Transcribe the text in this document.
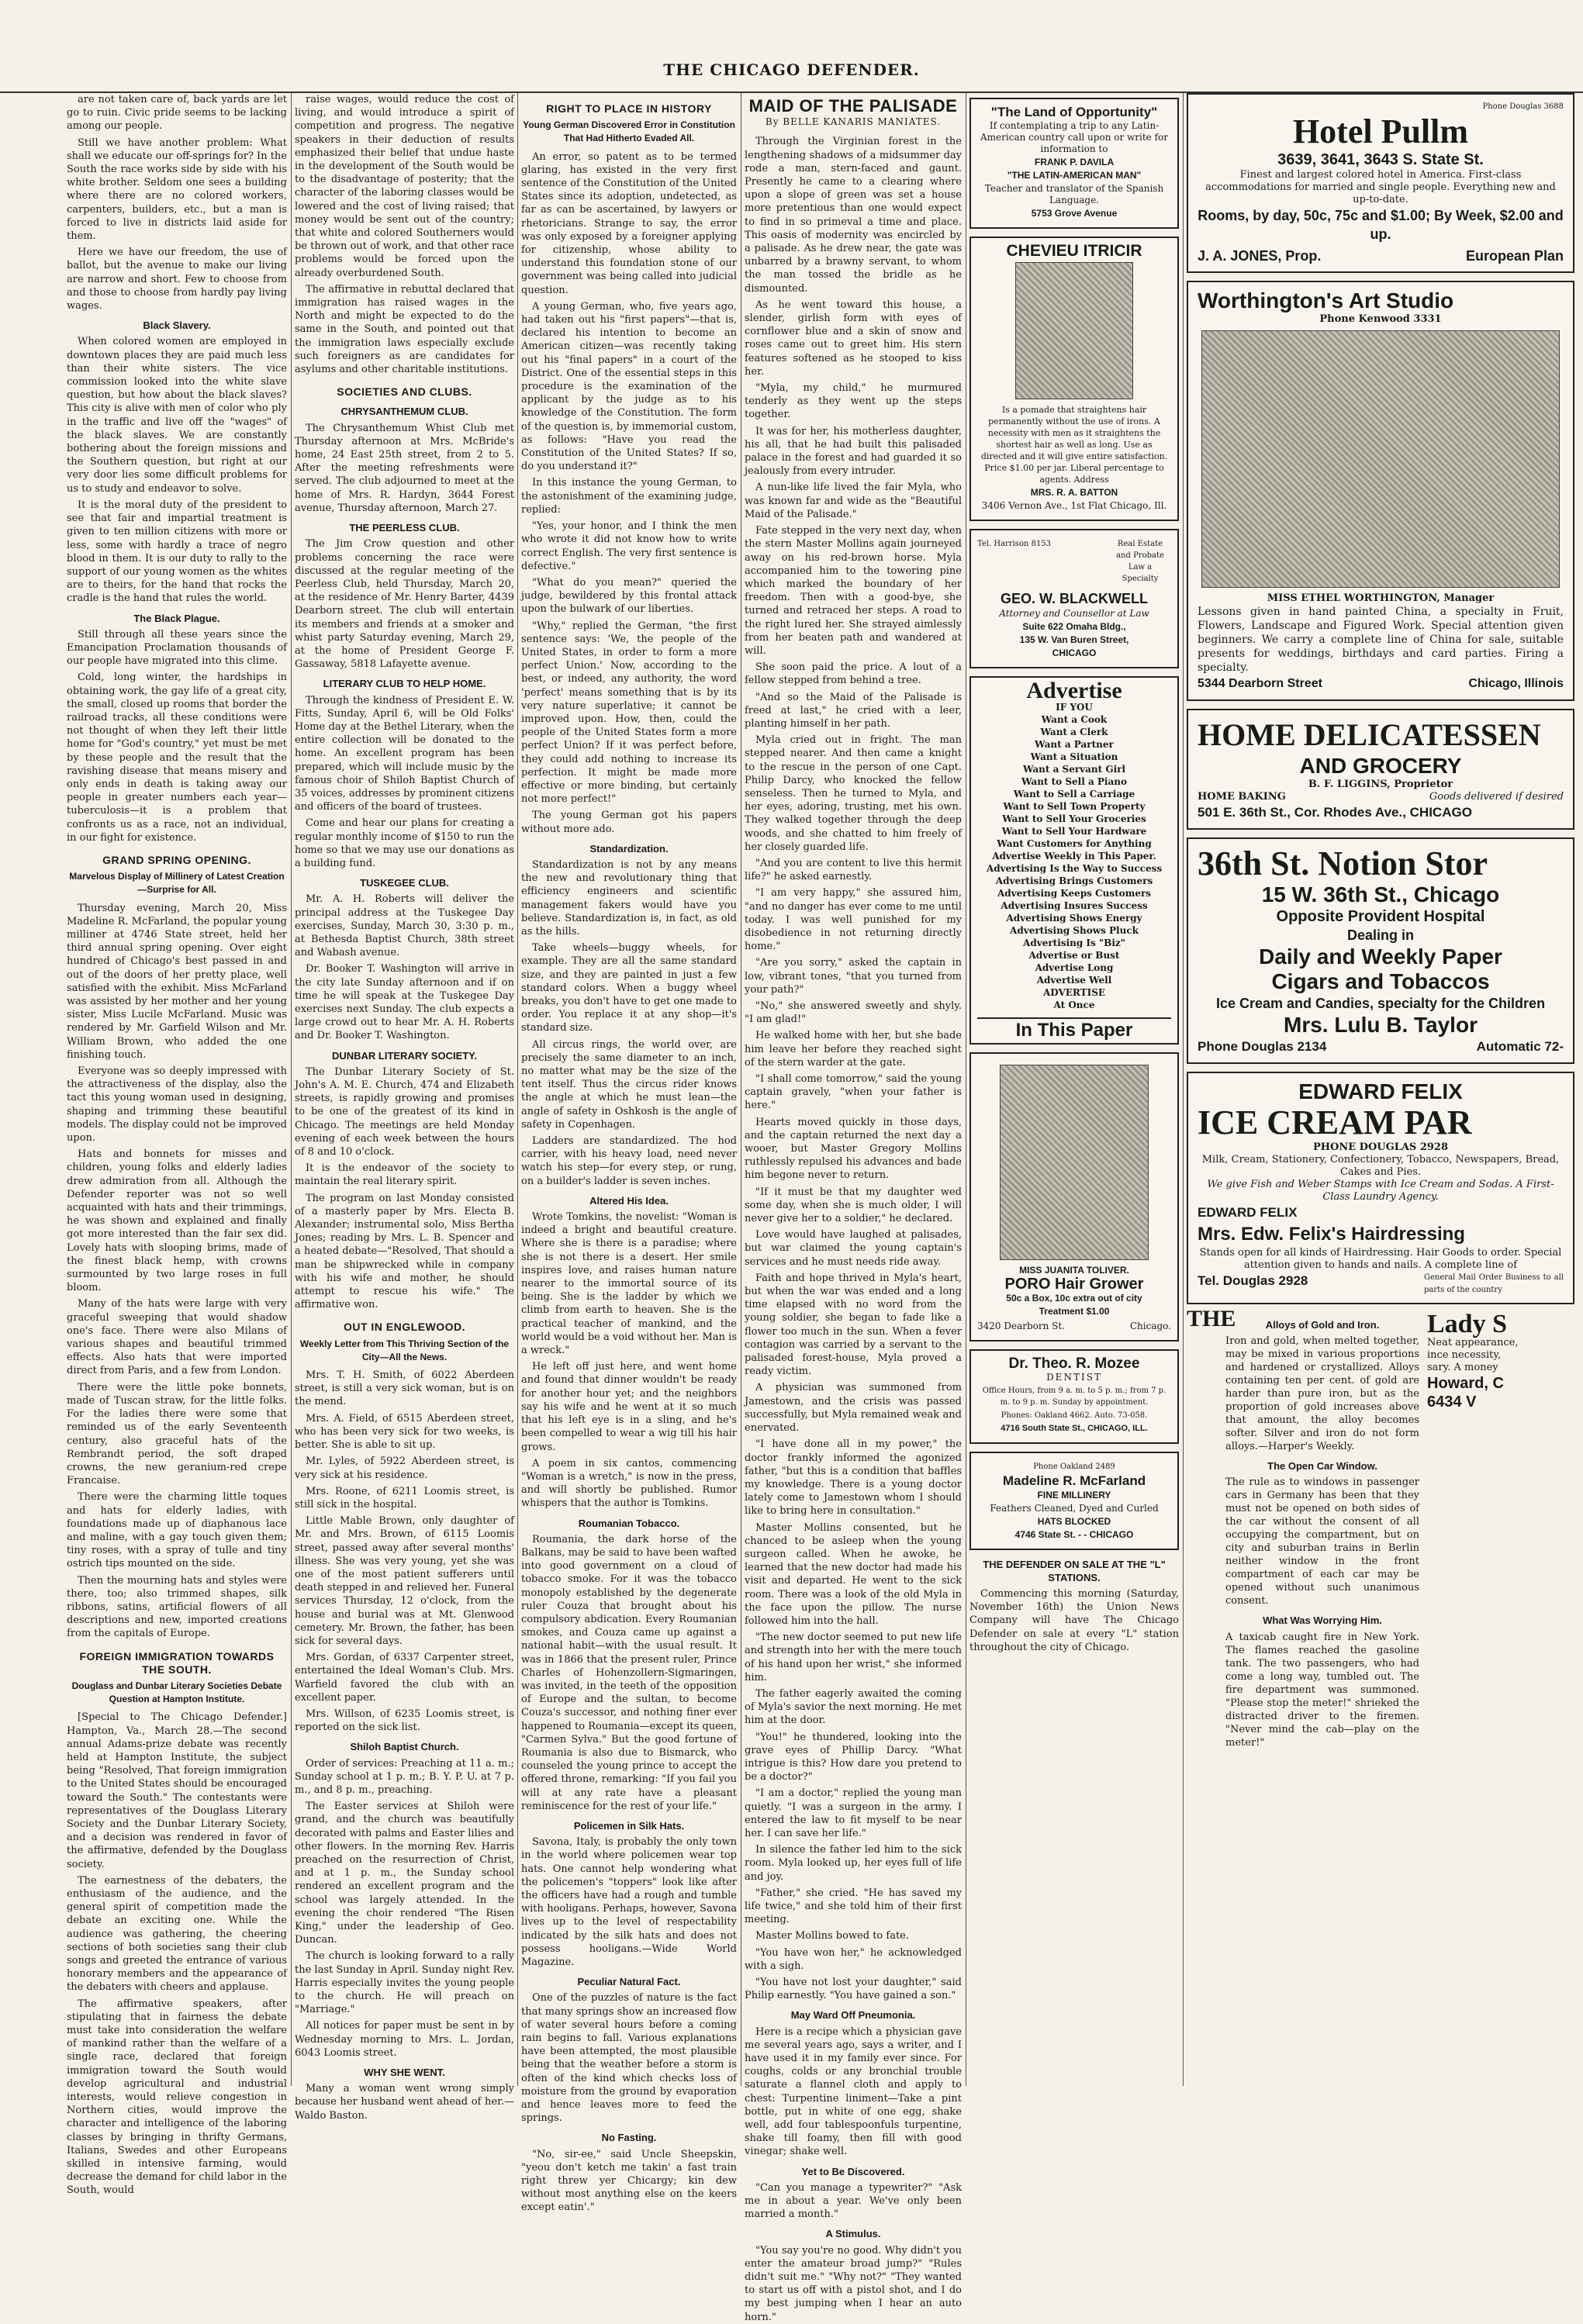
THE CHICAGO DEFENDER.

are not taken care of, back yards are let go to ruin. Civic pride seems to be lacking among our people.

Still we have another problem: What shall we educate our off-springs for? In the South the race works side by side with his white brother. Seldom one sees a building where there are no colored workers, carpenters, builders, etc., but a man is forced to live in districts laid aside for them.

Here we have our freedom, the use of ballot, but the avenue to make our living are narrow and short. Few to choose from and those to choose from hardly pay living wages.

Black Slavery.

When colored women are employed in downtown places they are paid much less than their white sisters. The vice commission looked into the white slave question, but how about the black slaves? This city is alive with men of color who ply in the traffic and live off the "wages" of the black slaves. We are constantly bothering about the foreign missions and the Southern question, but right at our very door lies some difficult problems for us to study and endeavor to solve.

It is the moral duty of the president to see that fair and impartial treatment is given to ten million citizens with more or less, some with hardly a trace of negro blood in them. It is our duty to rally to the support of our young women as the whites are to theirs, for the hand that rocks the cradle is the hand that rules the world.

The Black Plague.

Still through all these years since the Emancipation Proclamation thousands of our people have migrated into this clime.

Cold, long winter, the hardships in obtaining work, the gay life of a great city, the small, closed up rooms that border the railroad tracks, all these conditions were not thought of when they left their little home for "God's country," yet must be met by these people and the result that the ravishing disease that means misery and only ends in death is taking away our people in greater numbers each year—tuberculosis—it is a problem that confronts us as a race, not an individual, in our fight for existence.

GRAND SPRING OPENING.
Marvelous Display of Millinery of Latest Creation—Surprise for All.

Thursday evening, March 20, Miss Madeline R. McFarland, the popular young milliner at 4746 State street, held her third annual spring opening. Over eight hundred of Chicago's best passed in and out of the doors of her pretty place, well satisfied with the exhibit. Miss McFarland was assisted by her mother and her young sister, Miss Lucile McFarland. Music was rendered by Mr. Garfield Wilson and Mr. William Brown, who added the one finishing touch.

Everyone was so deeply impressed with the attractiveness of the display, also the tact this young woman used in designing, shaping and trimming these beautiful models. The display could not be improved upon.

Hats and bonnets for misses and children, young folks and elderly ladies drew admiration from all. Although the Defender reporter was not so well acquainted with hats and their trimmings, he was shown and explained and finally got more interested than the fair sex did. Lovely hats with slooping brims, made of the finest black hemp, with crowns surmounted by two large roses in full bloom.

Many of the hats were large with very graceful sweeping that would shadow one's face. There were also Milans of various shapes and beautiful trimmed effects. Also hats that were imported direct from Paris, and a few from London.

There were the little poke bonnets, made of Tuscan straw, for the little folks. For the ladies there were some that reminded us of the early Seventeenth century, also graceful hats of the Rembrandt period, the soft draped crowns, the new geranium-red crepe Francaise.

There were the charming little toques and hats for elderly ladies, with foundations made up of diaphanous lace and maline, with a gay touch given them; tiny roses, with a spray of tulle and tiny ostrich tips mounted on the side.

Then the mourning hats and styles were there, too; also trimmed shapes, silk ribbons, satins, artificial flowers of all descriptions and new, imported creations from the capitals of Europe.

FOREIGN IMMIGRATION TOWARDS THE SOUTH.
Douglass and Dunbar Literary Societies Debate Question at Hampton Institute.

[Special to The Chicago Defender.] Hampton, Va., March 28.—The second annual Adams-prize debate was recently held at Hampton Institute, the subject being "Resolved, That foreign immigration to the United States should be encouraged toward the South." The contestants were representatives of the Douglass Literary Society and the Dunbar Literary Society, and a decision was rendered in favor of the affirmative, defended by the Douglass society.

The earnestness of the debaters, the enthusiasm of the audience, and the general spirit of competition made the debate an exciting one. While the audience was gathering, the cheering sections of both societies sang their club songs and greeted the entrance of various honorary members and the appearance of the debaters with cheers and applause.

The affirmative speakers, after stipulating that in fairness the debate must take into consideration the welfare of mankind rather than the welfare of a single race, declared that foreign immigration toward the South would develop agricultural and industrial interests, would relieve congestion in Northern cities, would improve the character and intelligence of the laboring classes by bringing in thrifty Germans, Italians, Swedes and other Europeans skilled in intensive farming, would decrease the demand for child labor in the South, would

raise wages, would reduce the cost of living, and would introduce a spirit of competition and progress. The negative speakers in their deduction of results emphasized their belief that undue haste in the development of the South would be to the disadvantage of posterity; that the character of the laboring classes would be lowered and the cost of living raised; that money would be sent out of the country; that white and colored Southerners would be thrown out of work, and that other race problems would be forced upon the already overburdened South.

The affirmative in rebuttal declared that immigration has raised wages in the North and might be expected to do the same in the South, and pointed out that the immigration laws especially exclude such foreigners as are candidates for asylums and other charitable institutions.

SOCIETIES AND CLUBS.
CHRYSANTHEMUM CLUB.

The Chrysanthemum Whist Club met Thursday afternoon at Mrs. McBride's home, 24 East 25th street, from 2 to 5. After the meeting refreshments were served. The club adjourned to meet at the home of Mrs. R. Hardyn, 3644 Forest avenue, Thursday afternoon, March 27.

THE PEERLESS CLUB.

The Jim Crow question and other problems concerning the race were discussed at the regular meeting of the Peerless Club, held Thursday, March 20, at the residence of Mr. Henry Barter, 4439 Dearborn street. The club will entertain its members and friends at a smoker and whist party Saturday evening, March 29, at the home of President George F. Gassaway, 5818 Lafayette avenue.

LITERARY CLUB TO HELP HOME.

Through the kindness of President E. W. Fitts, Sunday, April 6, will be Old Folks' Home day at the Bethel Literary, when the entire collection will be donated to the home. An excellent program has been prepared, which will include music by the famous choir of Shiloh Baptist Church of 35 voices, addresses by prominent citizens and officers of the board of trustees.

Come and hear our plans for creating a regular monthly income of $150 to run the home so that we may use our donations as a building fund.

TUSKEGEE CLUB.

Mr. A. H. Roberts will deliver the principal address at the Tuskegee Day exercises, Sunday, March 30, 3:30 p. m., at Bethesda Baptist Church, 38th street and Wabash avenue.

Dr. Booker T. Washington will arrive in the city late Sunday afternoon and if on time he will speak at the Tuskegee Day exercises next Sunday. The club expects a large crowd out to hear Mr. A. H. Roberts and Dr. Booker T. Washington.

DUNBAR LITERARY SOCIETY.

The Dunbar Literary Society of St. John's A. M. E. Church, 474 and Elizabeth streets, is rapidly growing and promises to be one of the greatest of its kind in Chicago. The meetings are held Monday evening of each week between the hours of 8 and 10 o'clock.

It is the endeavor of the society to maintain the real literary spirit.

The program on last Monday consisted of a masterly paper by Mrs. Electa B. Alexander; instrumental solo, Miss Bertha Jones; reading by Mrs. L. B. Spencer and a heated debate—"Resolved, That should a man be shipwrecked while in company with his wife and mother, he should attempt to rescue his wife." The affirmative won.

OUT IN ENGLEWOOD.
Weekly Letter from This Thriving Section of the City—All the News.

Mrs. T. H. Smith, of 6022 Aberdeen street, is still a very sick woman, but is on the mend.

Mrs. A. Field, of 6515 Aberdeen street, who has been very sick for two weeks, is better. She is able to sit up.

Mr. Lyles, of 5922 Aberdeen street, is very sick at his residence.

Mrs. Roone, of 6211 Loomis street, is still sick in the hospital.

Little Mable Brown, only daughter of Mr. and Mrs. Brown, of 6115 Loomis street, passed away after several months' illness. She was very young, yet she was one of the most patient sufferers until death stepped in and relieved her. Funeral services Thursday, 12 o'clock, from the house and burial was at Mt. Glenwood cemetery. Mr. Brown, the father, has been sick for several days.

Mrs. Gordan, of 6337 Carpenter street, entertained the Ideal Woman's Club. Mrs. Warfield favored the club with an excellent paper.

Mrs. Willson, of 6235 Loomis street, is reported on the sick list.

Shiloh Baptist Church.

Order of services: Preaching at 11 a. m.; Sunday school at 1 p. m.; B. Y. P. U. at 7 p. m., and 8 p. m., preaching.

The Easter services at Shiloh were grand, and the church was beautifully decorated with palms and Easter lilies and other flowers. In the morning Rev. Harris preached on the resurrection of Christ, and at 1 p. m., the Sunday school rendered an excellent program and the school was largely attended. In the evening the choir rendered "The Risen King," under the leadership of Geo. Duncan.

The church is looking forward to a rally the last Sunday in April. Sunday night Rev. Harris especially invites the young people to the church. He will preach on "Marriage."

All notices for paper must be sent in by Wednesday morning to Mrs. L. Jordan, 6043 Loomis street.

WHY SHE WENT.

Many a woman went wrong simply because her husband went ahead of her.—Waldo Baston.

RIGHT TO PLACE IN HISTORY
Young German Discovered Error in Constitution That Had Hitherto Evaded All.

An error, so patent as to be termed glaring, has existed in the very first sentence of the Constitution of the United States since its adoption, undetected, as far as can be ascertained, by lawyers or rhetoricians. Strange to say, the error was only exposed by a foreigner applying for citizenship, whose ability to understand this foundation stone of our government was being called into judicial question.

A young German, who, five years ago, had taken out his "first papers"—that is, declared his intention to become an American citizen—was recently taking out his "final papers" in a court of the District. One of the essential steps in this procedure is the examination of the applicant by the judge as to his knowledge of the Constitution. The form of the question is, by immemorial custom, as follows: "Have you read the Constitution of the United States? If so, do you understand it?"

In this instance the young German, to the astonishment of the examining judge, replied:

"Yes, your honor, and I think the men who wrote it did not know how to write correct English. The very first sentence is defective."

"What do you mean?" queried the judge, bewildered by this frontal attack upon the bulwark of our liberties.

"Why," replied the German, "the first sentence says: 'We, the people of the United States, in order to form a more perfect Union.' Now, according to the best, or indeed, any authority, the word 'perfect' means something that is by its very nature superlative; it cannot be improved upon. How, then, could the people of the United States form a more perfect Union? If it was perfect before, they could add nothing to increase its perfection. It might be made more effective or more binding, but certainly not more perfect!"

The young German got his papers without more ado.

Standardization.

Standardization is not by any means the new and revolutionary thing that efficiency engineers and scientific management fakers would have you believe. Standardization is, in fact, as old as the hills.

Take wheels—buggy wheels, for example. They are all the same standard size, and they are painted in just a few standard colors. When a buggy wheel breaks, you don't have to get one made to order. You replace it at any shop—it's standard size.

All circus rings, the world over, are precisely the same diameter to an inch, no matter what may be the size of the tent itself. Thus the circus rider knows the angle at which he must lean—the angle of safety in Oshkosh is the angle of safety in Copenhagen.

Ladders are standardized. The hod carrier, with his heavy load, need never watch his step—for every step, or rung, on a builder's ladder is seven inches.

Altered His Idea.

Wrote Tomkins, the novelist: "Woman is indeed a bright and beautiful creature. Where she is there is a paradise; where she is not there is a desert. Her smile inspires love, and raises human nature nearer to the immortal source of its being. She is the ladder by which we climb from earth to heaven. She is the practical teacher of mankind, and the world would be a void without her. Man is a wreck."

He left off just here, and went home and found that dinner wouldn't be ready for another hour yet; and the neighbors say his wife and he went at it so much that his left eye is in a sling, and he's been compelled to wear a wig till his hair grows.

A poem in six cantos, commencing "Woman is a wretch," is now in the press, and will shortly be published. Rumor whispers that the author is Tomkins.

Roumanian Tobacco.

Roumania, the dark horse of the Balkans, may be said to have been wafted into good government on a cloud of tobacco smoke. For it was the tobacco monopoly established by the degenerate ruler Couza that brought about his compulsory abdication. Every Roumanian smokes, and Couza came up against a national habit—with the usual result. It was in 1866 that the present ruler, Prince Charles of Hohenzollern-Sigmaringen, was invited, in the teeth of the opposition of Europe and the sultan, to become Couza's successor, and nothing finer ever happened to Roumania—except its queen, "Carmen Sylva." But the good fortune of Roumania is also due to Bismarck, who counseled the young prince to accept the offered throne, remarking: "If you fail you will at any rate have a pleasant reminiscence for the rest of your life."

Policemen in Silk Hats.

Savona, Italy, is probably the only town in the world where policemen wear top hats. One cannot help wondering what the policemen's "toppers" look like after the officers have had a rough and tumble with hooligans. Perhaps, however, Savona lives up to the level of respectability indicated by the silk hats and does not possess hooligans.—Wide World Magazine.

Peculiar Natural Fact.

One of the puzzles of nature is the fact that many springs show an increased flow of water several hours before a coming rain begins to fall. Various explanations have been attempted, the most plausible being that the weather before a storm is often of the kind which checks loss of moisture from the ground by evaporation and hence leaves more to feed the springs.

No Fasting.

"No, sir-ee," said Uncle Sheepskin, "yeou don't ketch me takin' a fast train right threw yer Chicargy; kin dew without most anything else on the keers except eatin'."

MAID OF THE PALISADE
By BELLE KANARIS MANIATES.

Through the Virginian forest in the lengthening shadows of a midsummer day rode a man, stern-faced and gaunt. Presently he came to a clearing where upon a slope of green was set a house more pretentious than one would expect to find in so primeval a time and place. This oasis of modernity was encircled by a palisade. As he drew near, the gate was unbarred by a brawny servant, to whom the man tossed the bridle as he dismounted.

As he went toward this house, a slender, girlish form with eyes of cornflower blue and a skin of snow and roses came out to greet him. His stern features softened as he stooped to kiss her.

"Myla, my child," he murmured tenderly as they went up the steps together.

It was for her, his motherless daughter, his all, that he had built this palisaded palace in the forest and had guarded it so jealously from every intruder.

A nun-like life lived the fair Myla, who was known far and wide as the "Beautiful Maid of the Palisade."

Fate stepped in the very next day, when the stern Master Mollins again journeyed away on his red-brown horse. Myla accompanied him to the towering pine which marked the boundary of her freedom. Then with a good-bye, she turned and retraced her steps. A road to the right lured her. She strayed aimlessly from her beaten path and wandered at will.

She soon paid the price. A lout of a fellow stepped from behind a tree.

"And so the Maid of the Palisade is freed at last," he cried with a leer, planting himself in her path.

Myla cried out in fright. The man stepped nearer. And then came a knight to the rescue in the person of one Capt. Philip Darcy, who knocked the fellow senseless. Then he turned to Myla, and her eyes, adoring, trusting, met his own. They walked together through the deep woods, and she chatted to him freely of her closely guarded life.

"And you are content to live this hermit life?" he asked earnestly.

"I am very happy," she assured him, "and no danger has ever come to me until today. I was well punished for my disobedience in not returning directly home."

"Are you sorry," asked the captain in low, vibrant tones, "that you turned from your path?"

"No," she answered sweetly and shyly. "I am glad!"

He walked home with her, but she bade him leave her before they reached sight of the stern warder at the gate.

"I shall come tomorrow," said the young captain gravely, "when your father is here."

Hearts moved quickly in those days, and the captain returned the next day a wooer, but Master Gregory Mollins ruthlessly repulsed his advances and bade him begone never to return.

"If it must be that my daughter wed some day, when she is much older, I will never give her to a soldier," he declared.

Love would have laughed at palisades, but war claimed the young captain's services and he must needs ride away.

Faith and hope thrived in Myla's heart, but when the war was ended and a long time elapsed with no word from the young soldier, she began to fade like a flower too much in the sun. When a fever contagion was carried by a servant to the palisaded forest-house, Myla proved a ready victim.

A physician was summoned from Jamestown, and the crisis was passed successfully, but Myla remained weak and enervated.

"I have done all in my power," the doctor frankly informed the agonized father, "but this is a condition that baffles my knowledge. There is a young doctor lately come to Jamestown whom I should like to bring here in consultation."

Master Mollins consented, but he chanced to be asleep when the young surgeon called. When he awoke, he learned that the new doctor had made his visit and departed. He went to the sick room. There was a look of the old Myla in the face upon the pillow. The nurse followed him into the hall.

"The new doctor seemed to put new life and strength into her with the mere touch of his hand upon her wrist," she informed him.

The father eagerly awaited the coming of Myla's savior the next morning. He met him at the door.

"You!" he thundered, looking into the grave eyes of Phillip Darcy. "What intrigue is this? How dare you pretend to be a doctor?"

"I am a doctor," replied the young man quietly. "I was a surgeon in the army. I entered the law to fit myself to be near her. I can save her life."

In silence the father led him to the sick room. Myla looked up, her eyes full of life and joy.

"Father," she cried. "He has saved my life twice," and she told him of their first meeting.

Master Mollins bowed to fate.

"You have won her," he acknowledged with a sigh.

"You have not lost your daughter," said Philip earnestly. "You have gained a son."

May Ward Off Pneumonia.

Here is a recipe which a physician gave me several years ago, says a writer, and I have used it in my family ever since. For coughs, colds or any bronchial trouble saturate a flannel cloth and apply to chest: Turpentine liniment—Take a pint bottle, put in white of one egg, shake well, add four tablespoonfuls turpentine, shake till foamy, then fill with good vinegar; shake well.

Yet to Be Discovered.

"Can you manage a typewriter?" "Ask me in about a year. We've only been married a month."

A Stimulus.

"You say you're no good. Why didn't you enter the amateur broad jump?" "Rules didn't suit me." "Why not?" "They wanted to start us off with a pistol shot, and I do my best jumping when I hear an auto horn."

"The Land of Opportunity"
If contemplating a trip to any Latin-American country call upon or write for information to
FRANK P. DAVILA
"THE LATIN-AMERICAN MAN"
Teacher and translator of the Spanish Language.
5753 Grove Avenue
CHEVIEU ITRICIR
Is a pomade that straightens hair permanently without the use of irons. A necessity with men as it straightens the shortest hair as well as long. Use as directed and it will give entire satisfaction. Price $1.00 per jar. Liberal percentage to agents. Address
MRS. R. A. BATTON
3406 Vernon Ave., 1st Flat Chicago, Ill.
Tel. Harrison 8153	Real Estate and Probate Law a Specialty
GEO. W. BLACKWELL
Attorney and Counsellor at Law
Suite 622 Omaha Bldg.,
135 W. Van Buren Street,
CHICAGO
Advertise
IF YOU
Want a Cook
Want a Clerk
Want a Partner
Want a Situation
Want a Servant Girl
Want to Sell a Piano
Want to Sell a Carriage
Want to Sell Town Property
Want to Sell Your Groceries
Want to Sell Your Hardware
Want Customers for Anything
Advertise Weekly in This Paper.
Advertising Is the Way to Success
Advertising Brings Customers
Advertising Keeps Customers
Advertising Insures Success
Advertising Shows Energy
Advertising Shows Pluck
Advertising Is "Biz"
Advertise or Bust
Advertise Long
Advertise Well
ADVERTISE
At Once
In This Paper
MISS JUANITA TOLIVER.
PORO Hair Grower
50c a Box, 10c extra out of city
Treatment $1.00
3420 Dearborn St.	Chicago.
Dr. Theo. R. Mozee
DENTIST
Office Hours, from 9 a. m. to 5 p. m.; from 7 p. m. to 9 p. m. Sunday by appointment.
Phones: Oakland 4662. Auto. 73-058.
4716 South State St., CHICAGO, ILL.
Phone Oakland 2489
Madeline R. McFarland
FINE MILLINERY
Feathers Cleaned, Dyed and Curled
HATS BLOCKED
4746 State St. - - CHICAGO
THE DEFENDER ON SALE AT THE "L" STATIONS.

Commencing this morning (Saturday, November 16th) the Union News Company will have The Chicago Defender on sale at every "L" station throughout the city of Chicago.

Phone Douglas 3688
Hotel Pullm
3639, 3641, 3643 S. State St.
Finest and largest colored hotel in America. First-class accommodations for married and single people. Everything new and up-to-date.
Rooms, by day, 50c, 75c and $1.00; By Week, $2.00 and up.
J. A. JONES, Prop.	European Plan
Worthington's Art Studio
Phone Kenwood 3331
MISS ETHEL WORTHINGTON, Manager
Lessons given in hand painted China, a specialty in Fruit, Flowers, Landscape and Figured Work. Special attention given beginners. We carry a complete line of China for sale, suitable presents for weddings, birthdays and card parties. Firing a specialty.
5344 Dearborn Street	Chicago, Illinois
HOME DELICATESSEN
AND GROCERY
B. F. LIGGINS, Proprietor
HOME BAKING	Goods delivered if desired
501 E. 36th St., Cor. Rhodes Ave., CHICAGO
36th St. Notion Stor
15 W. 36th St., Chicago
Opposite Provident Hospital
Dealing in
Daily and Weekly Paper
Cigars and Tobaccos
Ice Cream and Candies, specialty for the Children
Mrs. Lulu B. Taylor
Phone Douglas 2134	Automatic 72-
EDWARD FELIX
ICE CREAM PAR
PHONE DOUGLAS 2928
Milk, Cream, Stationery, Confectionery, Tobacco, Newspapers, Bread, Cakes and Pies.
We give Fish and Weber Stamps with Ice Cream and Sodas. A First-Class Laundry Agency.
EDWARD FELIX
Mrs. Edw. Felix's Hairdressing
Stands open for all kinds of Hairdressing. Hair Goods to order. Special attention given to hands and nails. A complete line of
Tel. Douglas 2928	General Mail Order Business to all parts of the country
THE	Alloys of Gold and Iron.
Iron and gold, when melted together, may be mixed in various proportions and hardened or crystallized. Alloys containing ten per cent. of gold are harder than pure iron, but as the proportion of gold increases above that amount, the alloy becomes softer. Silver and iron do not form alloys.—Harper's Weekly.
The Open Car Window.
The rule as to windows in passenger cars in Germany has been that they must not be opened on both sides of the car without the consent of all occupying the compartment, but on city and suburban trains in Berlin neither window in the front compartment of each car may be opened without such unanimous consent.
What Was Worrying Him.
A taxicab caught fire in New York. The flames reached the gasoline tank. The two passengers, who had come a long way, tumbled out. The fire department was summoned. "Please stop the meter!" shrieked the distracted driver to the firemen. "Never mind the cab—play on the meter!"
Lady S
Neat appearance,
ince necessity,
sary. A money
Howard, C
6434 V
